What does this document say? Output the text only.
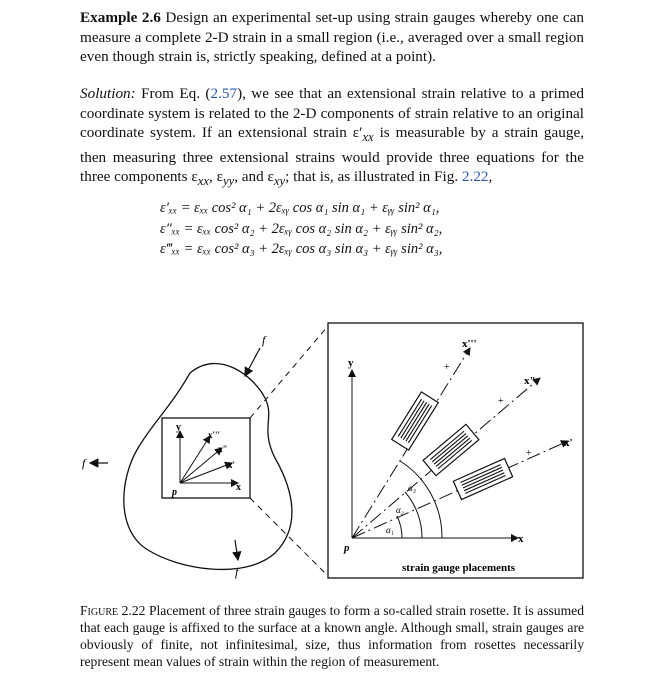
Example 2.6 Design an experimental set-up using strain gauges whereby one can measure a complete 2-D strain in a small region (i.e., averaged over a small region even though strain is, strictly speaking, defined at a point).

Solution: From Eq. (2.57), we see that an extensional strain relative to a primed coordinate system is related to the 2-D components of strain relative to an original coordinate system. If an extensional strain $\varepsilon'_{xx}$ is measurable by a strain gauge, then measuring three extensional strains would provide three equations for the three components $\varepsilon_{xx}$, $\varepsilon_{yy}$, and $\varepsilon_{xy}$; that is, as illustrated in Fig. 2.22,

ε′ₓₓ = εₓₓ cos² α₁ + 2εₓᵧ cos α₁ sin α₁ + εᵧᵧ sin² α₁,
ε″ₓₓ = εₓₓ cos² α₂ + 2εₓᵧ cos α₂ sin α₂ + εᵧᵧ sin² α₂,
ε‴ₓₓ = εₓₓ cos² α₃ + 2εₓᵧ cos α₃ sin α₃ + εᵧᵧ sin² α₃,
y
x
x'
x"
x'''
p
f
f
f
y
x
x'
x"
x'''
p
α₁
α₂
α₃
+
+
+
strain gauge placements

Figure 2.22 Placement of three strain gauges to form a so-called strain rosette. It is assumed that each gauge is affixed to the surface at a known angle. Although small, strain gauges are obviously of finite, not infinitesimal, size, thus information from rosettes necessarily represent mean values of strain within the region of measurement.
